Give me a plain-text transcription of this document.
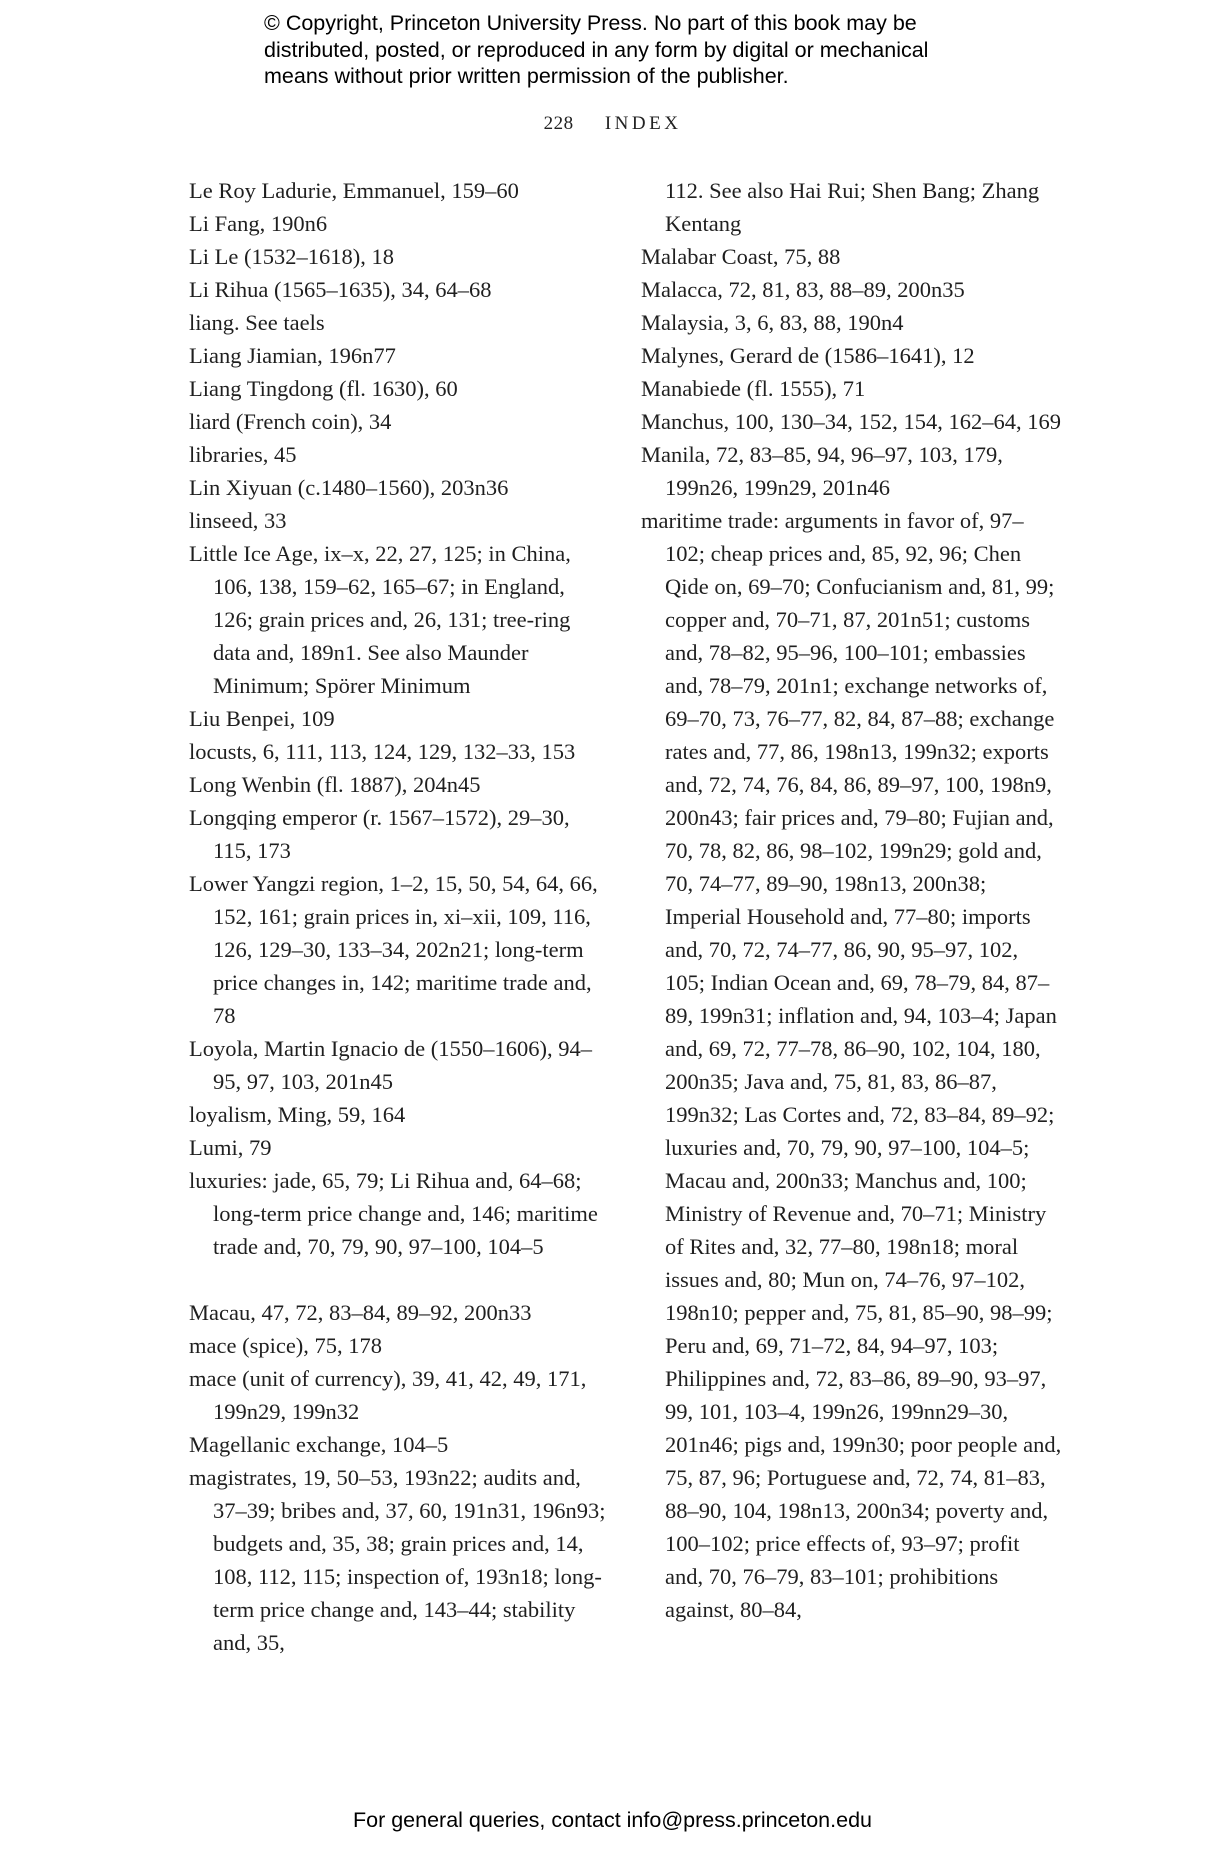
© Copyright, Princeton University Press. No part of this book may be

distributed, posted, or reproduced in any form by digital or mechanical

means without prior written permission of the publisher.

228 INDEX

Le Roy Ladurie, Emmanuel, 159–60

Li Fang, 190n6

Li Le (1532–1618), 18

Li Rihua (1565–1635), 34, 64–68

liang. See taels

Liang Jiamian, 196n77

Liang Tingdong (fl. 1630), 60

liard (French coin), 34

libraries, 45

Lin Xiyuan (c.1480–1560), 203n36

linseed, 33

Little Ice Age, ix–x, 22, 27, 125; in China, 106, 138, 159–62, 165–67; in England, 126; grain prices and, 26, 131; tree-ring data and, 189n1. See also Maunder Minimum; Spörer Minimum

Liu Benpei, 109

locusts, 6, 111, 113, 124, 129, 132–33, 153

Long Wenbin (fl. 1887), 204n45

Longqing emperor (r. 1567–1572), 29–30, 115, 173

Lower Yangzi region, 1–2, 15, 50, 54, 64, 66, 152, 161; grain prices in, xi–xii, 109, 116, 126, 129–30, 133–34, 202n21; long-term price changes in, 142; maritime trade and, 78

Loyola, Martin Ignacio de (1550–1606), 94–95, 97, 103, 201n45

loyalism, Ming, 59, 164

Lumi, 79

luxuries: jade, 65, 79; Li Rihua and, 64–68; long-term price change and, 146; maritime trade and, 70, 79, 90, 97–100, 104–5

Macau, 47, 72, 83–84, 89–92, 200n33

mace (spice), 75, 178

mace (unit of currency), 39, 41, 42, 49, 171, 199n29, 199n32

Magellanic exchange, 104–5

magistrates, 19, 50–53, 193n22; audits and, 37–39; bribes and, 37, 60, 191n31, 196n93; budgets and, 35, 38; grain prices and, 14, 108, 112, 115; inspection of, 193n18; long-term price change and, 143–44; stability and, 35,

112. See also Hai Rui; Shen Bang; Zhang Kentang

Malabar Coast, 75, 88

Malacca, 72, 81, 83, 88–89, 200n35

Malaysia, 3, 6, 83, 88, 190n4

Malynes, Gerard de (1586–1641), 12

Manabiede (fl. 1555), 71

Manchus, 100, 130–34, 152, 154, 162–64, 169

Manila, 72, 83–85, 94, 96–97, 103, 179, 199n26, 199n29, 201n46

maritime trade: arguments in favor of, 97–102; cheap prices and, 85, 92, 96; Chen Qide on, 69–70; Confucianism and, 81, 99; copper and, 70–71, 87, 201n51; customs and, 78–82, 95–96, 100–101; embassies and, 78–79, 201n1; exchange networks of, 69–70, 73, 76–77, 82, 84, 87–88; exchange rates and, 77, 86, 198n13, 199n32; exports and, 72, 74, 76, 84, 86, 89–97, 100, 198n9, 200n43; fair prices and, 79–80; Fujian and, 70, 78, 82, 86, 98–102, 199n29; gold and, 70, 74–77, 89–90, 198n13, 200n38; Imperial Household and, 77–80; imports and, 70, 72, 74–77, 86, 90, 95–97, 102, 105; Indian Ocean and, 69, 78–79, 84, 87–89, 199n31; inflation and, 94, 103–4; Japan and, 69, 72, 77–78, 86–90, 102, 104, 180, 200n35; Java and, 75, 81, 83, 86–87, 199n32; Las Cortes and, 72, 83–84, 89–92; luxuries and, 70, 79, 90, 97–100, 104–5; Macau and, 200n33; Manchus and, 100; Ministry of Revenue and, 70–71; Ministry of Rites and, 32, 77–80, 198n18; moral issues and, 80; Mun on, 74–76, 97–102, 198n10; pepper and, 75, 81, 85–90, 98–99; Peru and, 69, 71–72, 84, 94–97, 103; Philippines and, 72, 83–86, 89–90, 93–97, 99, 101, 103–4, 199n26, 199nn29–30, 201n46; pigs and, 199n30; poor people and, 75, 87, 96; Portuguese and, 72, 74, 81–83, 88–90, 104, 198n13, 200n34; poverty and, 100–102; price effects of, 93–97; profit and, 70, 76–79, 83–101; prohibitions against, 80–84,

For general queries, contact info@press.princeton.edu
